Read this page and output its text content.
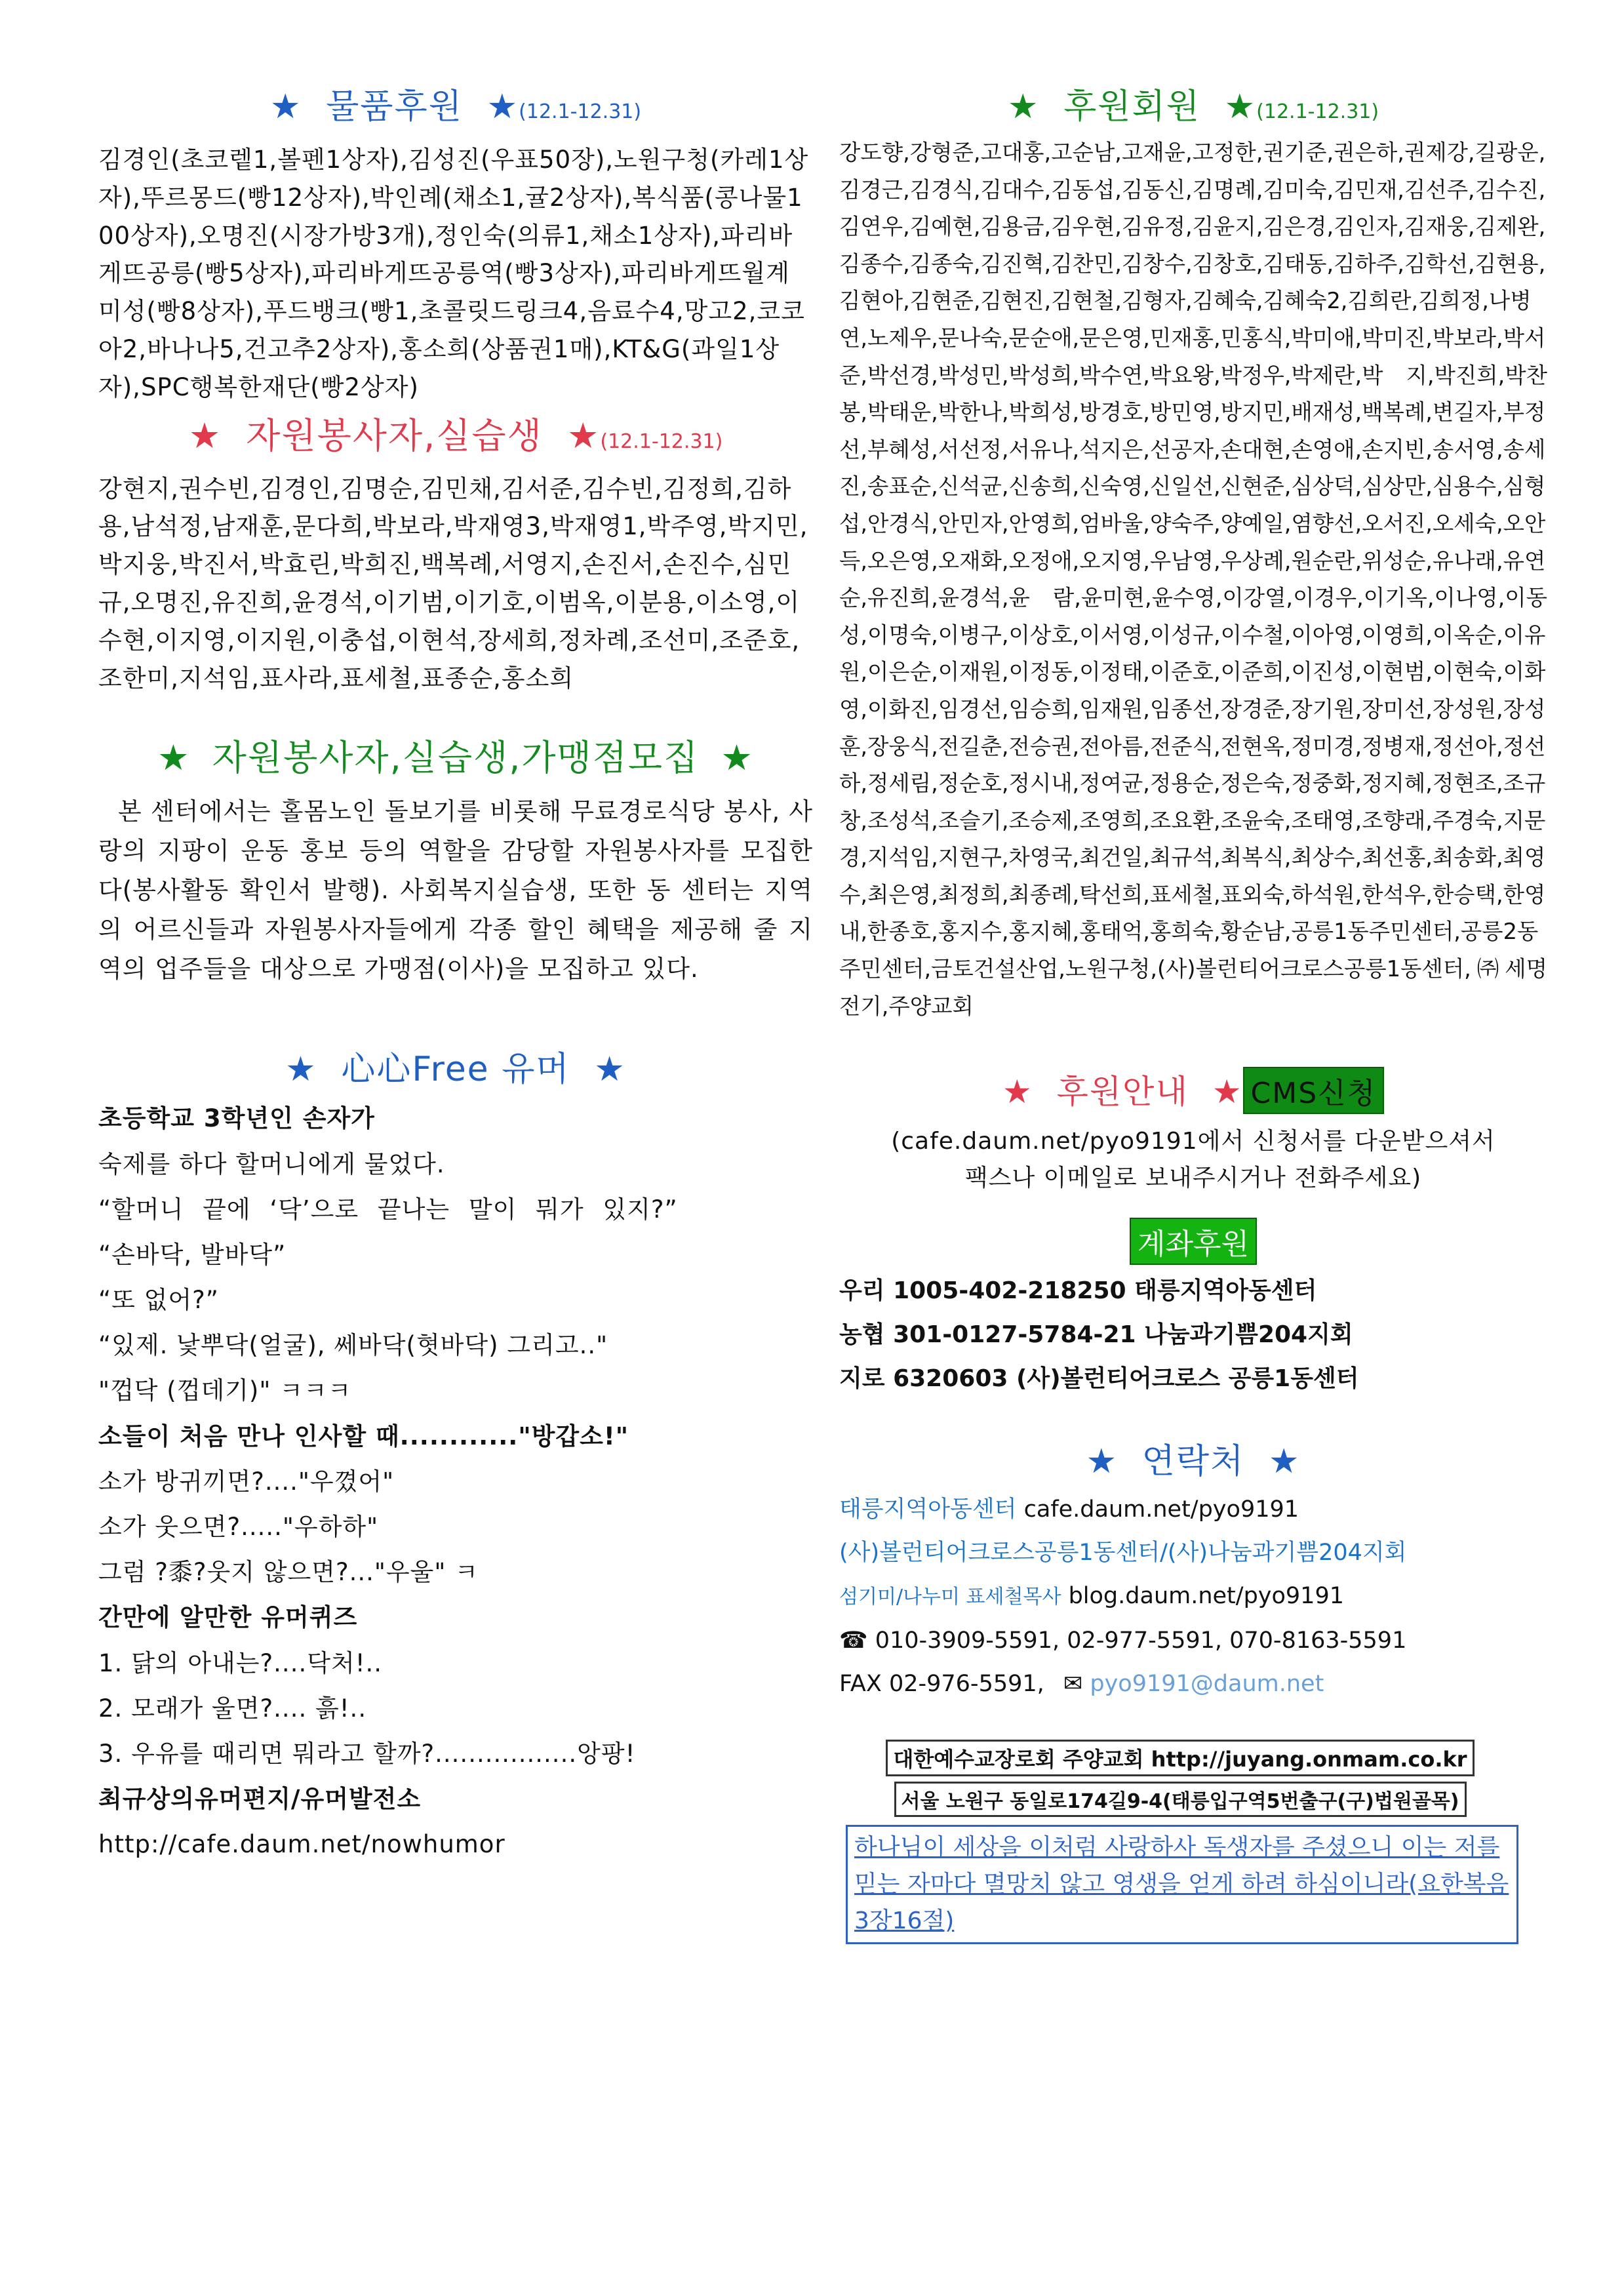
★ 물품후원 ★(12.1-12.31)
김경인(초코렡1,볼펜1상자),김성진(우표50장),노원구청(카레1상자),뚜르몽드(빵12상자),박인례(채소1,귤2상자),복식품(콩나물100상자),오명진(시장가방3개),정인숙(의류1,채소1상자),파리바게뜨공릉(빵5상자),파리바게뜨공릉역(빵3상자),파리바게뜨월계미성(빵8상자),푸드뱅크(빵1,초콜릿드링크4,음료수4,망고2,코코아2,바나나5,건고추2상자),홍소희(상품권1매),KT&G(과일1상자),SPC행복한재단(빵2상자)
★ 자원봉사자,실습생 ★(12.1-12.31)
강현지,권수빈,김경인,김명순,김민채,김서준,김수빈,김정희,김하용,남석정,남재훈,문다희,박보라,박재영3,박재영1,박주영,박지민,박지웅,박진서,박효린,박희진,백복례,서영지,손진서,손진수,심민규,오명진,유진희,윤경석,이기범,이기호,이범옥,이분용,이소영,이수현,이지영,이지원,이충섭,이현석,장세희,정차례,조선미,조준호,조한미,지석임,표사라,표세철,표종순,홍소희
★ 자원봉사자,실습생,가맹점모집 ★
본 센터에서는 홀몸노인 돌보기를 비롯해 무료경로식당 봉사, 사랑의 지팡이 운동 홍보 등의 역할을 감당할 자원봉사자를 모집한다(봉사활동 확인서 발행). 사회복지실습생, 또한 동 센터는 지역의 어르신들과 자원봉사자들에게 각종 할인 혜택을 제공해 줄 지역의 업주들을 대상으로 가맹점(이사)을 모집하고 있다.
★ 心心Free 유머 ★
초등학교 3학년인 손자가
숙제를 하다 할머니에게 물었다.
“할머니 끝에 ‘닥’으로 끝나는 말이 뭐가 있지?”
“손바닥, 발바닥”
“또 없어?”
“있제. 낯뿌닥(얼굴), 쎄바닥(혓바닥) 그리고.."
"껍닥 (껍데기)" ㅋㅋㅋ
소들이 처음 만나 인사할 때............"방갑소!"
소가 방귀끼면?...."우꼈어"
소가 웃으면?....."우하하"
그럼 ?黍?웃지 않으면?..."우울" ㅋ
간만에 알만한 유머퀴즈
1. 닭의 아내는?....닥처!..
2. 모래가 울면?.... 흙!..
3. 우유를 때리면 뭐라고 할까?.................앙팡!
최규상의유머편지/유머발전소
http://cafe.daum.net/nowhumor
★ 후원회원 ★(12.1-12.31)
강도향,강형준,고대홍,고순남,고재윤,고정한,권기준,권은하,권제강,길광운,김경근,김경식,김대수,김동섭,김동신,김명례,김미숙,김민재,김선주,김수진,김연우,김예현,김용금,김우현,김유정,김윤지,김은경,김인자,김재웅,김제완,김종수,김종숙,김진혁,김찬민,김창수,김창호,김태동,김하주,김학선,김현용,김현아,김현준,김현진,김현철,김형자,김혜숙,김혜숙2,김희란,김희정,나병연,노제우,문나숙,문순애,문은영,민재홍,민홍식,박미애,박미진,박보라,박서준,박선경,박성민,박성희,박수연,박요왕,박정우,박제란,박 지,박진희,박찬봉,박태운,박한나,박희성,방경호,방민영,방지민,배재성,백복례,변길자,부정선,부혜성,서선정,서유나,석지은,선공자,손대현,손영애,손지빈,송서영,송세진,송표순,신석균,신송희,신숙영,신일선,신현준,심상덕,심상만,심용수,심형섭,안경식,안민자,안영희,엄바울,양숙주,양예일,염향선,오서진,오세숙,오안득,오은영,오재화,오정애,오지영,우남영,우상례,원순란,위성순,유나래,유연순,유진희,윤경석,윤 람,윤미현,윤수영,이강열,이경우,이기옥,이나영,이동성,이명숙,이병구,이상호,이서영,이성규,이수철,이아영,이영희,이옥순,이유원,이은순,이재원,이정동,이정태,이준호,이준희,이진성,이현범,이현숙,이화영,이화진,임경선,임승희,임재원,임종선,장경준,장기원,장미선,장성원,장성훈,장웅식,전길춘,전승권,전아름,전준식,전현옥,정미경,정병재,정선아,정선하,정세림,정순호,정시내,정여균,정용순,정은숙,정중화,정지혜,정현조,조규창,조성석,조슬기,조승제,조영희,조요환,조윤숙,조태영,조향래,주경숙,지문경,지석임,지현구,차영국,최건일,최규석,최복식,최상수,최선홍,최송화,최영수,최은영,최정희,최종례,탁선희,표세철,표외숙,하석원,한석우,한승택,한영내,한종호,홍지수,홍지혜,홍태억,홍희숙,황순남,공릉1동주민센터,공릉2동주민센터,금토건설산업,노원구청,(사)볼런티어크로스공릉1동센터,㈜세명전기,주양교회
★ 후원안내 ★ CMS신청
(cafe.daum.net/pyo9191에서 신청서를 다운받으셔서
팩스나 이메일로 보내주시거나 전화주세요)
계좌후원
우리 1005-402-218250 태릉지역아동센터
농협 301-0127-5784-21 나눔과기쁨204지회
지로 6320603 (사)볼런티어크로스 공릉1동센터
★ 연락처 ★
태릉지역아동센터 cafe.daum.net/pyo9191
(사)볼런티어크로스공릉1동센터/(사)나눔과기쁨204지회
섬기미/나누미 표세철목사 blog.daum.net/pyo9191
☎ 010-3909-5591, 02-977-5591, 070-8163-5591
FAX 02-976-5591, ✉ pyo9191@daum.net
대한예수교장로회 주양교회 http://juyang.onmam.co.kr
서울 노원구 동일로174길9-4(태릉입구역5번출구(구)법원골목)
하나님이 세상을 이처럼 사랑하사 독생자를 주셨으니 이는 저를 믿는 자마다 멸망치 않고 영생을 얻게 하려 하심이니라(요한복음3장16절)
